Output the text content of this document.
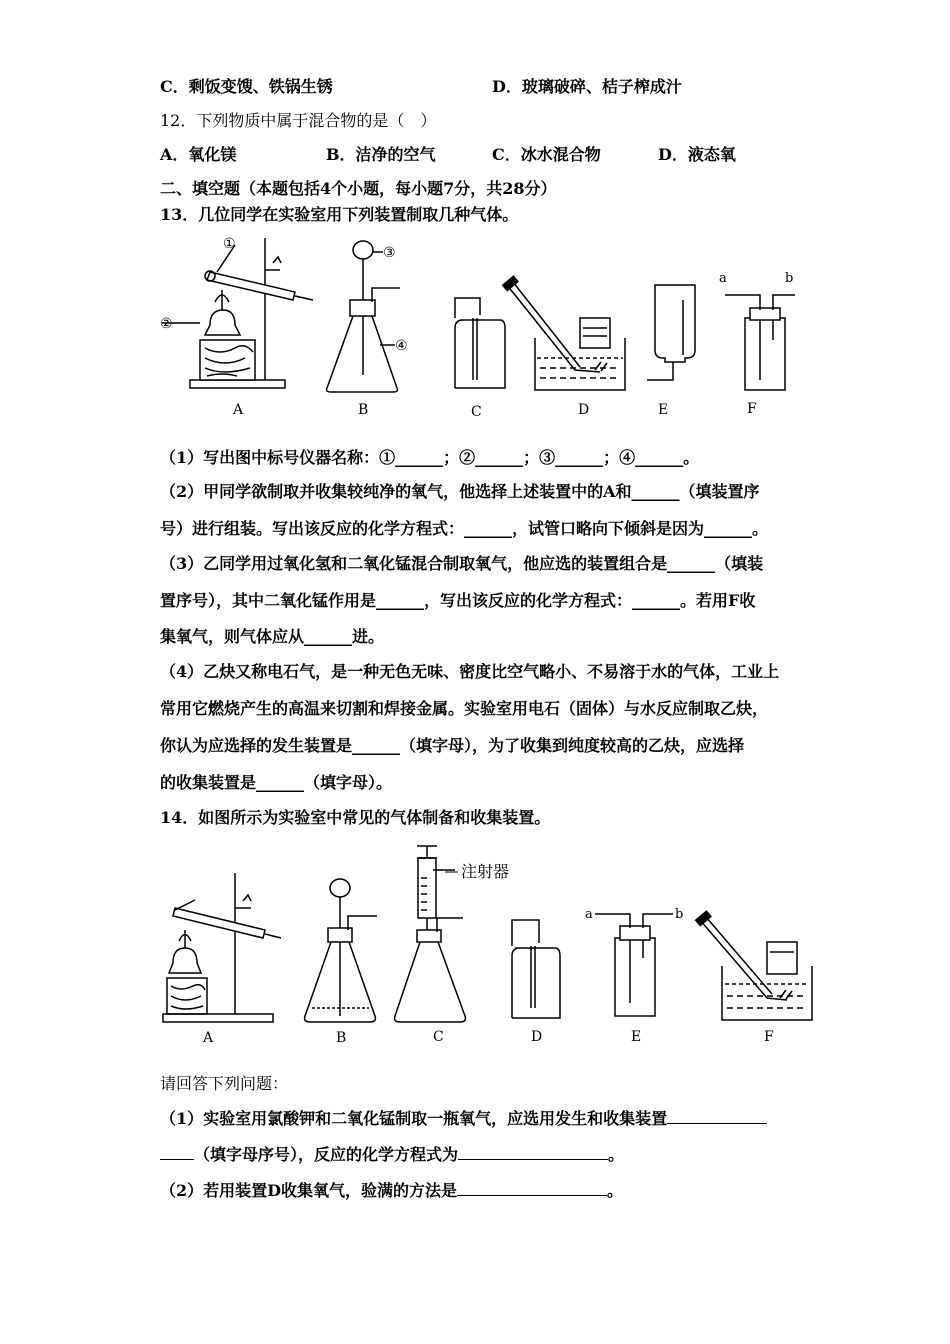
C．剩饭变馊、铁锅生锈	D．玻璃破碎、桔子榨成汁
12．下列物质中属于混合物的是（　）
A．氧化镁	B．洁净的空气	C．冰水混合物	D．液态氧
二、填空题（本题包括4个小题，每小题7分，共28分）
13．几位同学在实验室用下列装置制取几种气体。
①
②
③
④
a	b
A	B	C	D	E	F
（1）写出图中标号仪器名称：①______；②______；③______；④______。
（2）甲同学欲制取并收集较纯净的氧气，他选择上述装置中的A和______（填装置序
号）进行组装。写出该反应的化学方程式：______，试管口略向下倾斜是因为______。
（3）乙同学用过氧化氢和二氧化锰混合制取氧气，他应选的装置组合是______（填装
置序号），其中二氧化锰作用是______，写出该反应的化学方程式：______。若用F收
集氧气，则气体应从______进。
（4）乙炔又称电石气，是一种无色无味、密度比空气略小、不易溶于水的气体，工业上
常用它燃烧产生的高温来切割和焊接金属。实验室用电石（固体）与水反应制取乙炔，
你认为应选择的发生装置是______（填字母），为了收集到纯度较高的乙炔，应选择
的收集装置是______（填字母）。
14．如图所示为实验室中常见的气体制备和收集装置。
注射器
a	b
A	B	C	D	E	F
请回答下列问题：
（1）实验室用氯酸钾和二氧化锰制取一瓶氧气，应选用发生和收集装置
（填字母序号），反应的化学方程式为	。
（2）若用装置D收集氧气，验满的方法是	。
